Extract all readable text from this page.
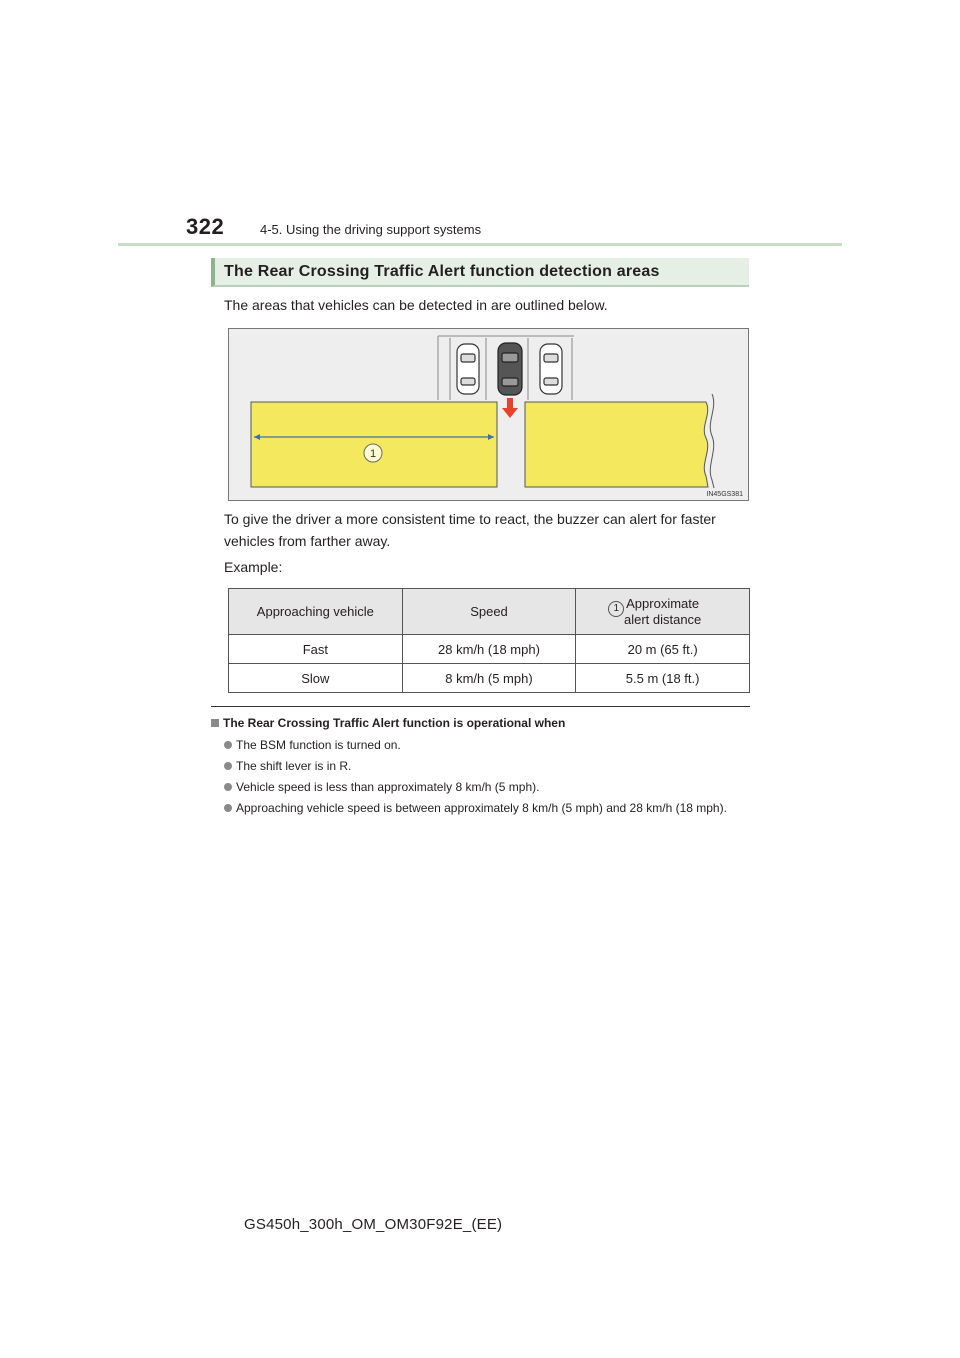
322	4-5. Using the driving support systems
The Rear Crossing Traffic Alert function detection areas
The areas that vehicles can be detected in are outlined below.
1
IN45GS381
To give the driver a more consistent time to react, the buzzer can alert for faster
vehicles from farther away.
Example:
Approaching vehicle	Speed	1 Approximate
alert distance

Fast	28 km/h (18 mph)	20 m (65 ft.)
Slow	8 km/h (5 mph)	5.5 m (18 ft.)
The Rear Crossing Traffic Alert function is operational when
The BSM function is turned on.
The shift lever is in R.
Vehicle speed is less than approximately 8 km/h (5 mph).
Approaching vehicle speed is between approximately 8 km/h (5 mph) and 28 km/h (18 mph).
GS450h_300h_OM_OM30F92E_(EE)
